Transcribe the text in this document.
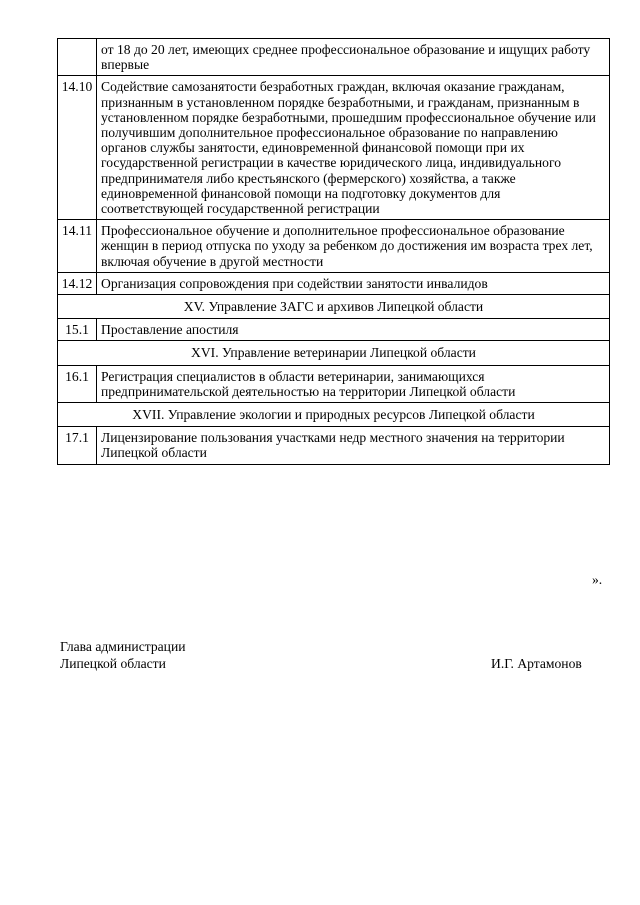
	от 18 до 20 лет, имеющих среднее профессиональное образование и ищущих работу впервые
14.10	Содействие самозанятости безработных граждан, включая оказание гражданам, признанным в установленном порядке безработными, и гражданам, признанным в установленном порядке безработными, прошедшим профессиональное обучение или получившим дополнительное профессиональное образование по направлению органов службы занятости, единовременной финансовой помощи при их государственной регистрации в качестве юридического лица, индивидуального предпринимателя либо крестьянского (фермерского) хозяйства, а также единовременной финансовой помощи на подготовку документов для соответствующей государственной регистрации
14.11	Профессиональное обучение и дополнительное профессиональное образование женщин в период отпуска по уходу за ребенком до достижения им возраста трех лет, включая обучение в другой местности
14.12	Организация сопровождения при содействии занятости инвалидов
XV. Управление ЗАГС и архивов Липецкой области	
15.1	Проставление апостиля
XVI. Управление ветеринарии Липецкой области	
16.1	Регистрация специалистов в области ветеринарии, занимающихся предпринимательской деятельностью на территории Липецкой области
XVII. Управление экологии и природных ресурсов Липецкой области	
17.1	Лицензирование пользования участками недр местного значения на территории Липецкой области
».
Глава администрации
Липецкой области	И.Г. Артамонов
